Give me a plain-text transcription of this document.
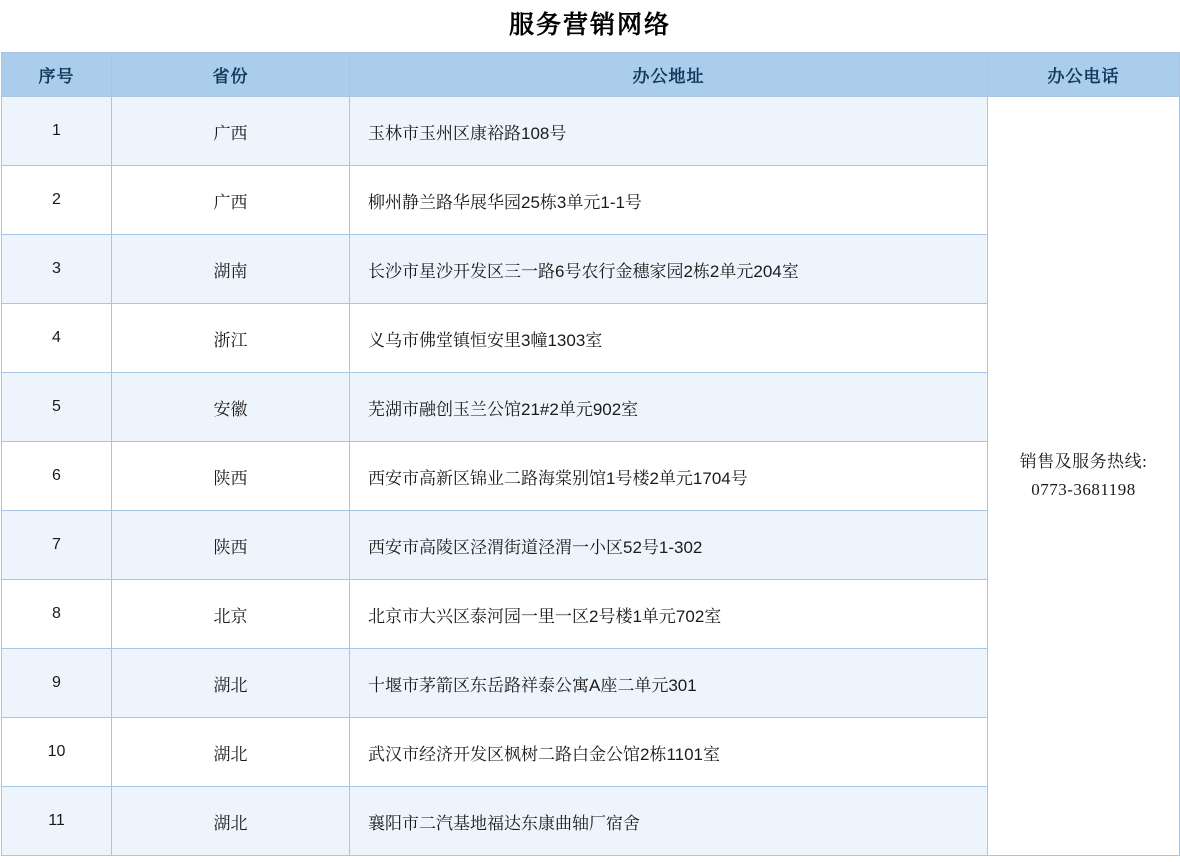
服务营销网络
序号	省份	办公地址	办公电话
1	广西	玉林市玉州区康裕路108号	销售及服务热线:
0773-3681198

2	广西	柳州静兰路华展华园25栋3单元1-1号	
3	湖南	长沙市星沙开发区三一路6号农行金穗家园2栋2单元204室	
4	浙江	义乌市佛堂镇恒安里3幢1303室	
5	安徽	芜湖市融创玉兰公馆21#2单元902室	
6	陕西	西安市高新区锦业二路海棠别馆1号楼2单元1704号	
7	陕西	西安市高陵区泾渭街道泾渭一小区52号1-302	
8	北京	北京市大兴区泰河园一里一区2号楼1单元702室	
9	湖北	十堰市茅箭区东岳路祥泰公寓A座二单元301	
10	湖北	武汉市经济开发区枫树二路白金公馆2栋1101室	
11	湖北	襄阳市二汽基地福达东康曲轴厂宿舍	
